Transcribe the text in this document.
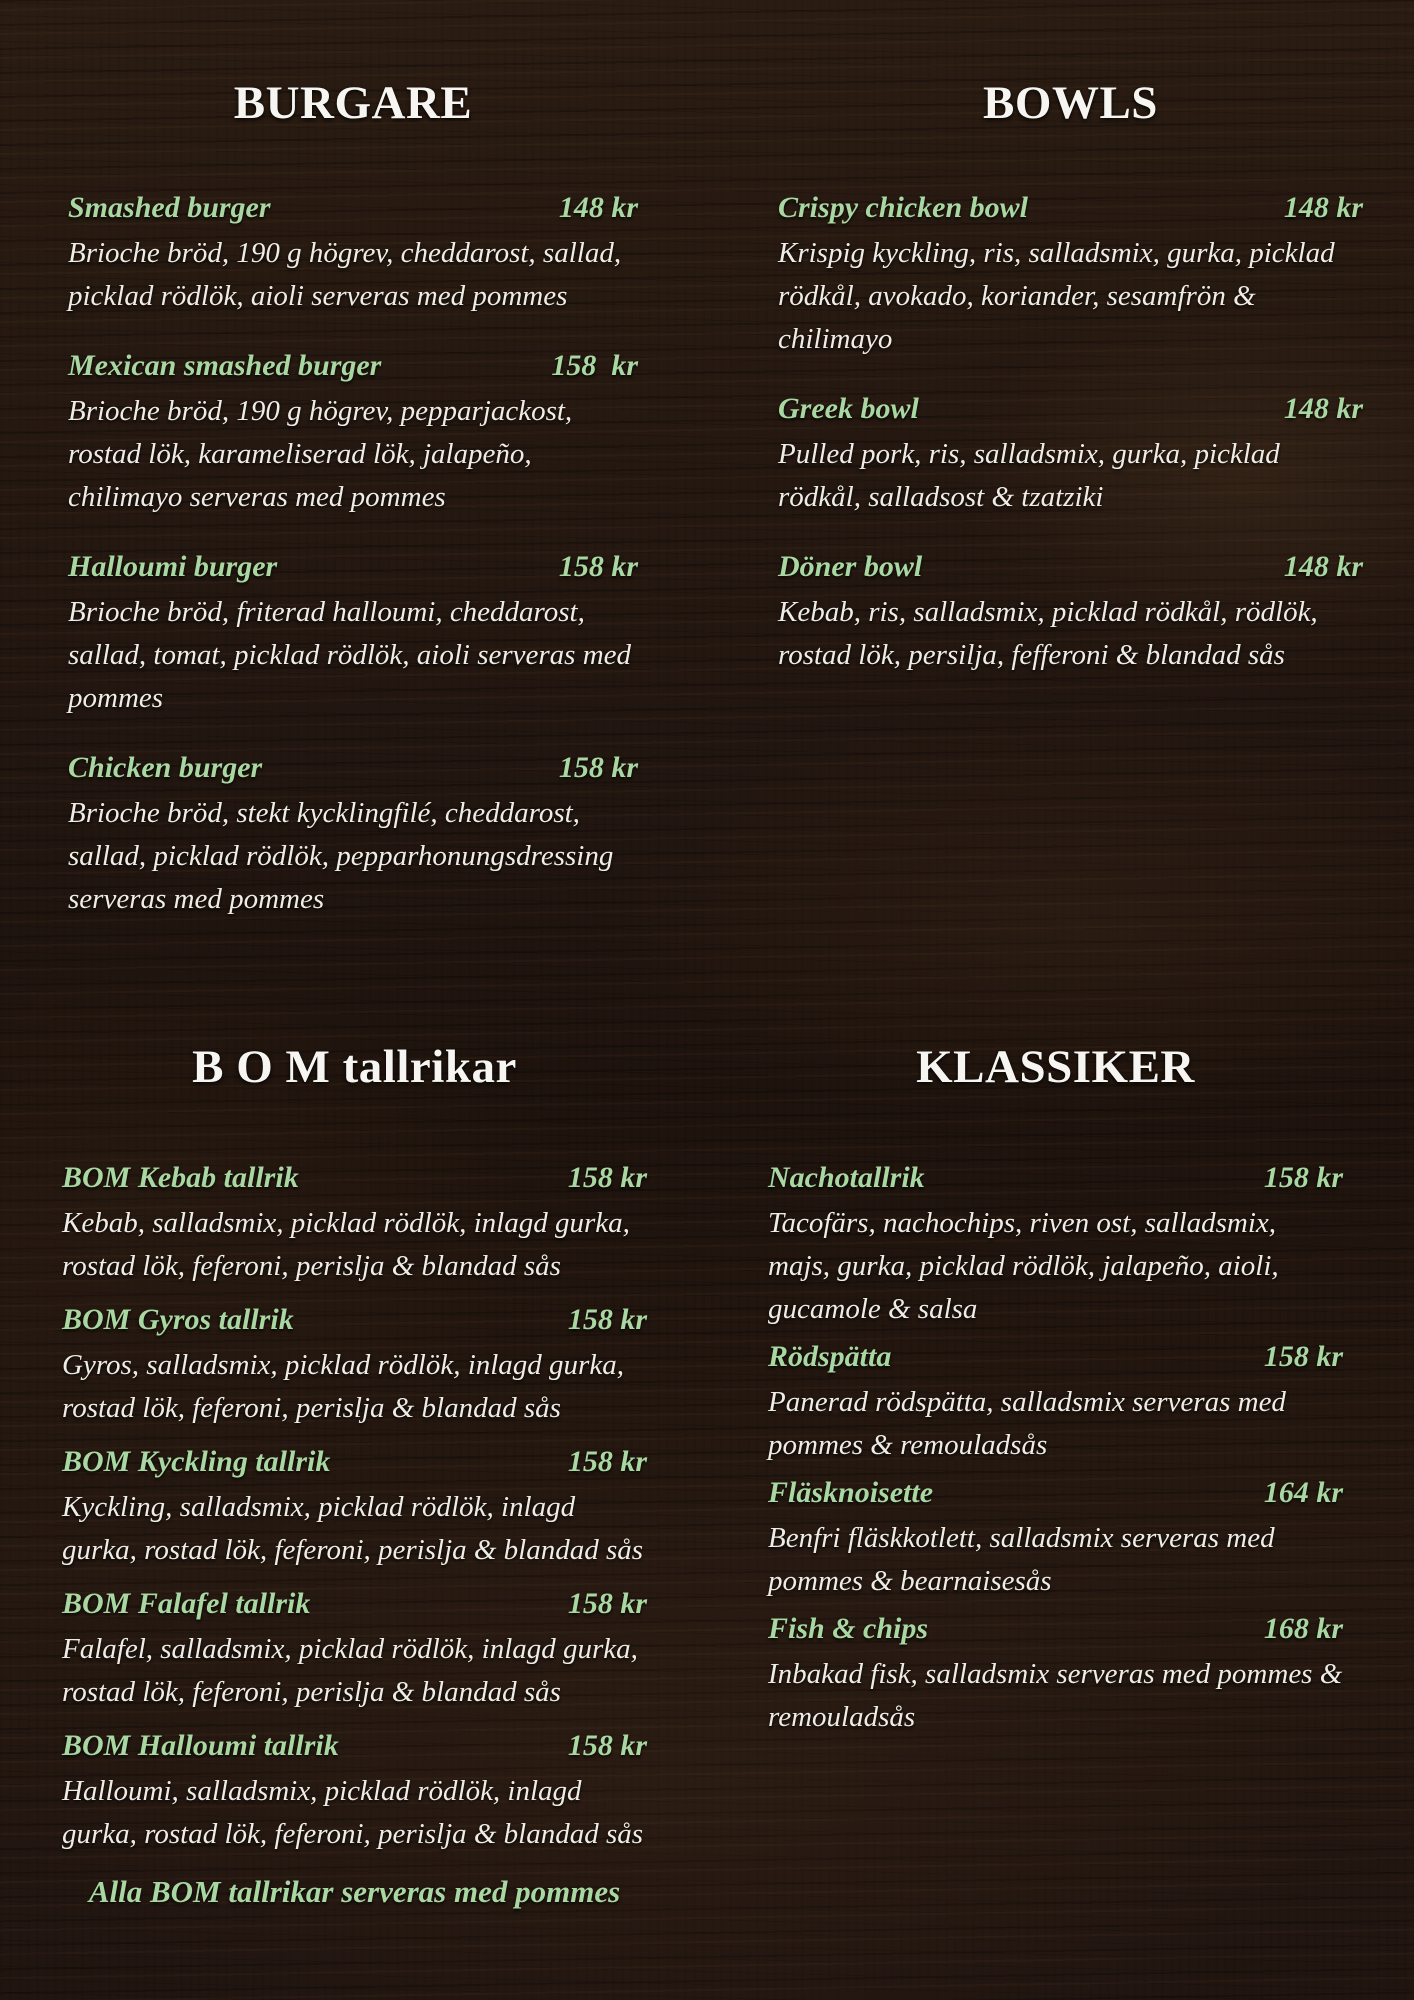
BURGARE
Smashed burger	148 kr

Brioche bröd, 190 g högrev, cheddarost, sallad, picklad rödlök, aioli serveras med pommes

Mexican smashed burger	158  kr

Brioche bröd, 190 g högrev, pepparjackost, rostad lök, karameliserad lök, jalapeño, chilimayo serveras med pommes

Halloumi burger	158 kr

Brioche bröd, friterad halloumi, cheddarost, sallad, tomat, picklad rödlök, aioli serveras med pommes

Chicken burger	158 kr

Brioche bröd, stekt kycklingfilé, cheddarost, sallad, picklad rödlök, pepparhonungsdressing serveras med pommes

BOWLS
Crispy chicken bowl	148 kr

Krispig kyckling, ris, salladsmix, gurka, picklad rödkål, avokado, koriander, sesamfrön & chilimayo

Greek bowl	148 kr

Pulled pork, ris, salladsmix, gurka, picklad rödkål, salladsost & tzatziki

Döner bowl	148 kr

Kebab, ris, salladsmix, picklad rödkål, rödlök, rostad lök, persilja, fefferoni & blandad sås

B O M tallrikar
BOM Kebab tallrik	158 kr

Kebab, salladsmix, picklad rödlök, inlagd gurka, rostad lök, feferoni, perislja & blandad sås

BOM Gyros tallrik	158 kr

Gyros, salladsmix, picklad rödlök, inlagd gurka, rostad lök, feferoni, perislja & blandad sås

BOM Kyckling tallrik	158 kr

Kyckling, salladsmix, picklad rödlök, inlagd gurka, rostad lök, feferoni, perislja & blandad sås

BOM Falafel tallrik	158 kr

Falafel, salladsmix, picklad rödlök, inlagd gurka, rostad lök, feferoni, perislja & blandad sås

BOM Halloumi tallrik	158 kr

Halloumi, salladsmix, picklad rödlök, inlagd gurka, rostad lök, feferoni, perislja & blandad sås

Alla BOM tallrikar serveras med pommes

KLASSIKER
Nachotallrik	158 kr

Tacofärs, nachochips, riven ost, salladsmix, majs, gurka, picklad rödlök, jalapeño, aioli, gucamole & salsa

Rödspätta	158 kr

Panerad rödspätta, salladsmix serveras med pommes & remouladsås

Fläsknoisette	164 kr

Benfri fläskkotlett, salladsmix serveras med pommes & bearnaisesås

Fish & chips	168 kr

Inbakad fisk, salladsmix serveras med pommes & remouladsås
